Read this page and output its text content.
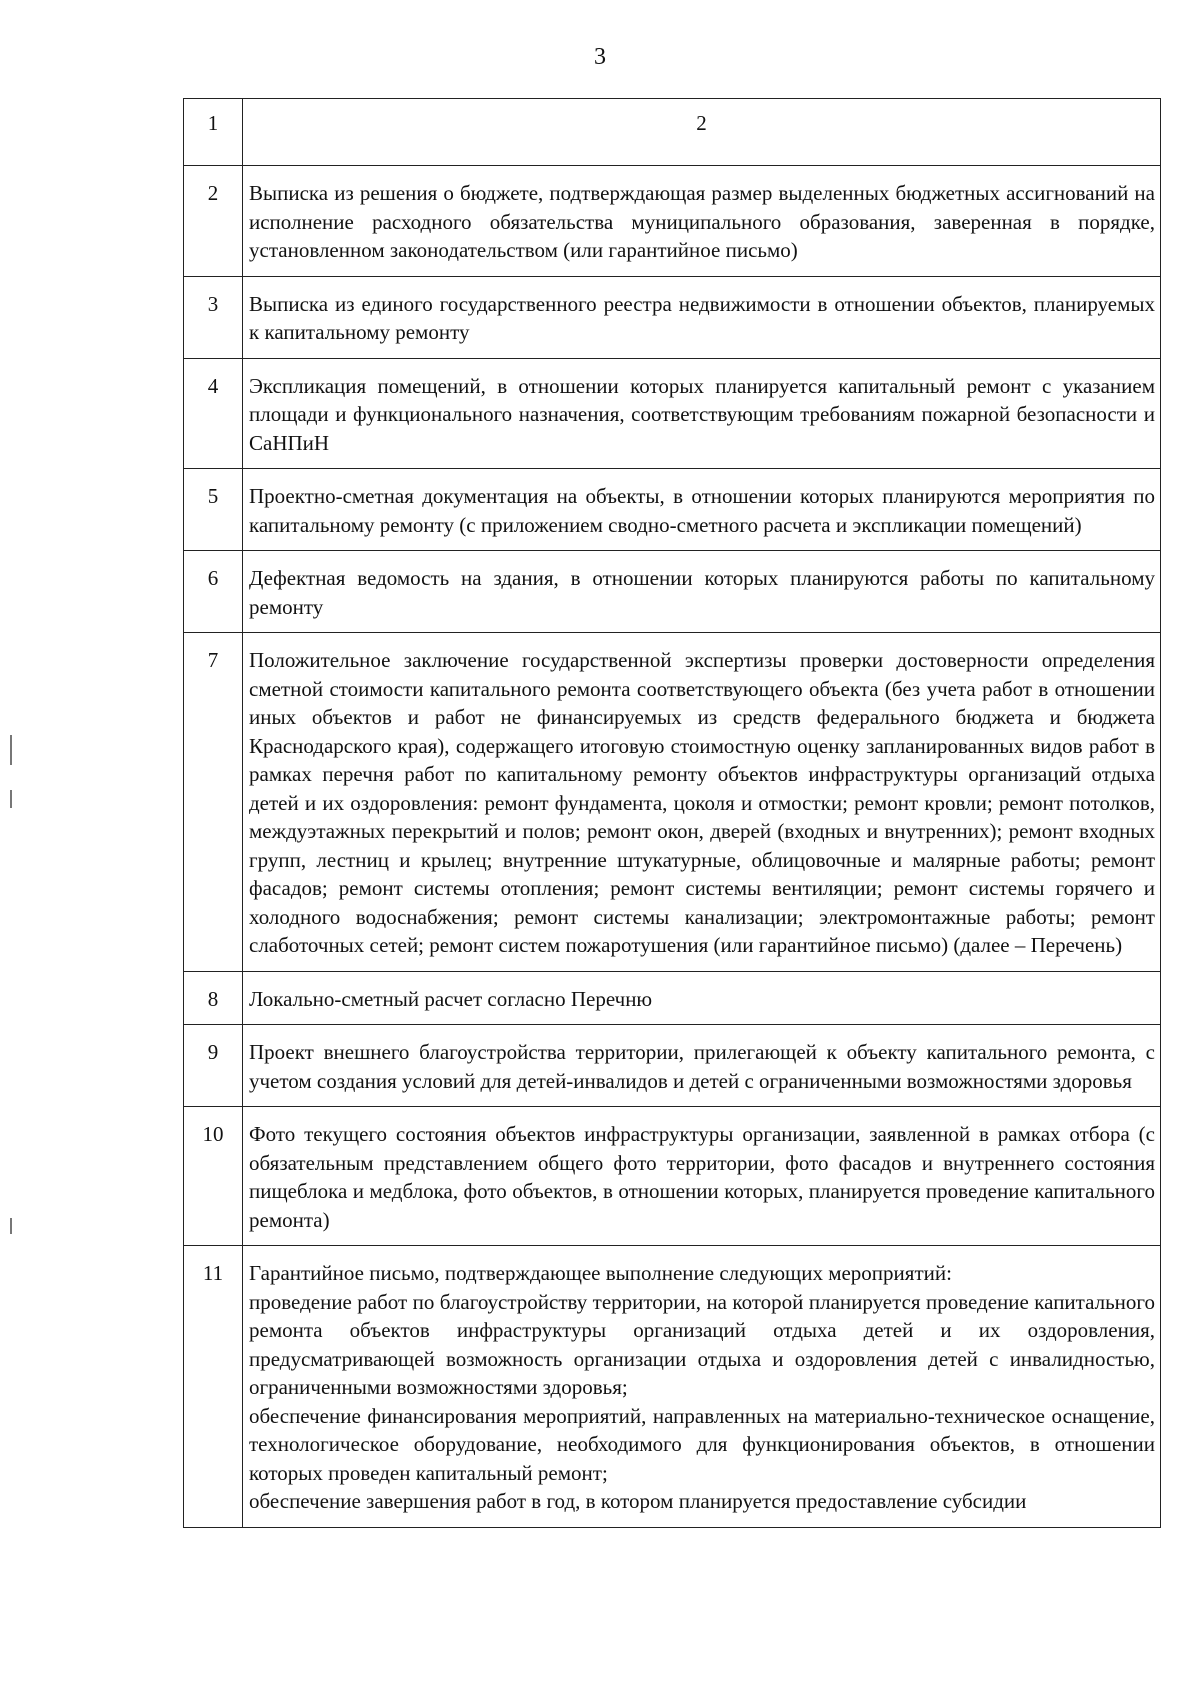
3
1	2
2	Выписка из решения о бюджете, подтверждающая размер выделенных бюджетных ассигнований на исполнение расходного обязательства муниципального образования, заверенная в порядке, установленном законодательством (или гарантийное письмо)
3	Выписка из единого государственного реестра недвижимости в отношении объектов, планируемых к капитальному ремонту
4	Экспликация помещений, в отношении которых планируется капитальный ремонт с указанием площади и функционального назначения, соответствующим требованиям пожарной безопасности и СаНПиН
5	Проектно-сметная документация на объекты, в отношении которых планируются мероприятия по капитальному ремонту (с приложением сводно-сметного расчета и экспликации помещений)
6	Дефектная ведомость на здания, в отношении которых планируются работы по капитальному ремонту
7	Положительное заключение государственной экспертизы проверки достоверности определения сметной стоимости капитального ремонта соответствующего объекта (без учета работ в отношении иных объектов и работ не финансируемых из средств федерального бюджета и бюджета Краснодарского края), содержащего итоговую стоимостную оценку запланированных видов работ в рамках перечня работ по капитальному ремонту объектов инфраструктуры организаций отдыха детей и их оздоровления: ремонт фундамента, цоколя и отмостки; ремонт кровли; ремонт потолков, междуэтажных перекрытий и полов; ремонт окон, дверей (входных и внутренних); ремонт входных групп, лестниц и крылец; внутренние штукатурные, облицовочные и малярные работы; ремонт фасадов; ремонт системы отопления; ремонт системы вентиляции; ремонт системы горячего и холодного водоснабжения; ремонт системы канализации; электромонтажные работы; ремонт слаботочных сетей; ремонт систем пожаротушения (или гарантийное письмо) (далее – Перечень)
8	Локально-сметный расчет согласно Перечню
9	Проект внешнего благоустройства территории, прилегающей к объекту капитального ремонта, с учетом создания условий для детей-инвалидов и детей с ограниченными возможностями здоровья
10	Фото текущего состояния объектов инфраструктуры организации, заявленной в рамках отбора (с обязательным представлением общего фото территории, фото фасадов и внутреннего состояния пищеблока и медблока, фото объектов, в отношении которых, планируется проведение капитального ремонта)
11	Гарантийное письмо, подтверждающее выполнение следующих мероприятий:
проведение работ по благоустройству территории, на которой планируется проведение капитального ремонта объектов инфраструктуры организаций отдыха детей и их оздоровления, предусматривающей возможность организации отдыха и оздоровления детей с инвалидностью, ограниченными возможностями здоровья;
обеспечение финансирования мероприятий, направленных на материально-техническое оснащение, технологическое оборудование, необходимого для функционирования объектов, в отношении которых проведен капитальный ремонт;
обеспечение завершения работ в год, в котором планируется предоставление субсидии
